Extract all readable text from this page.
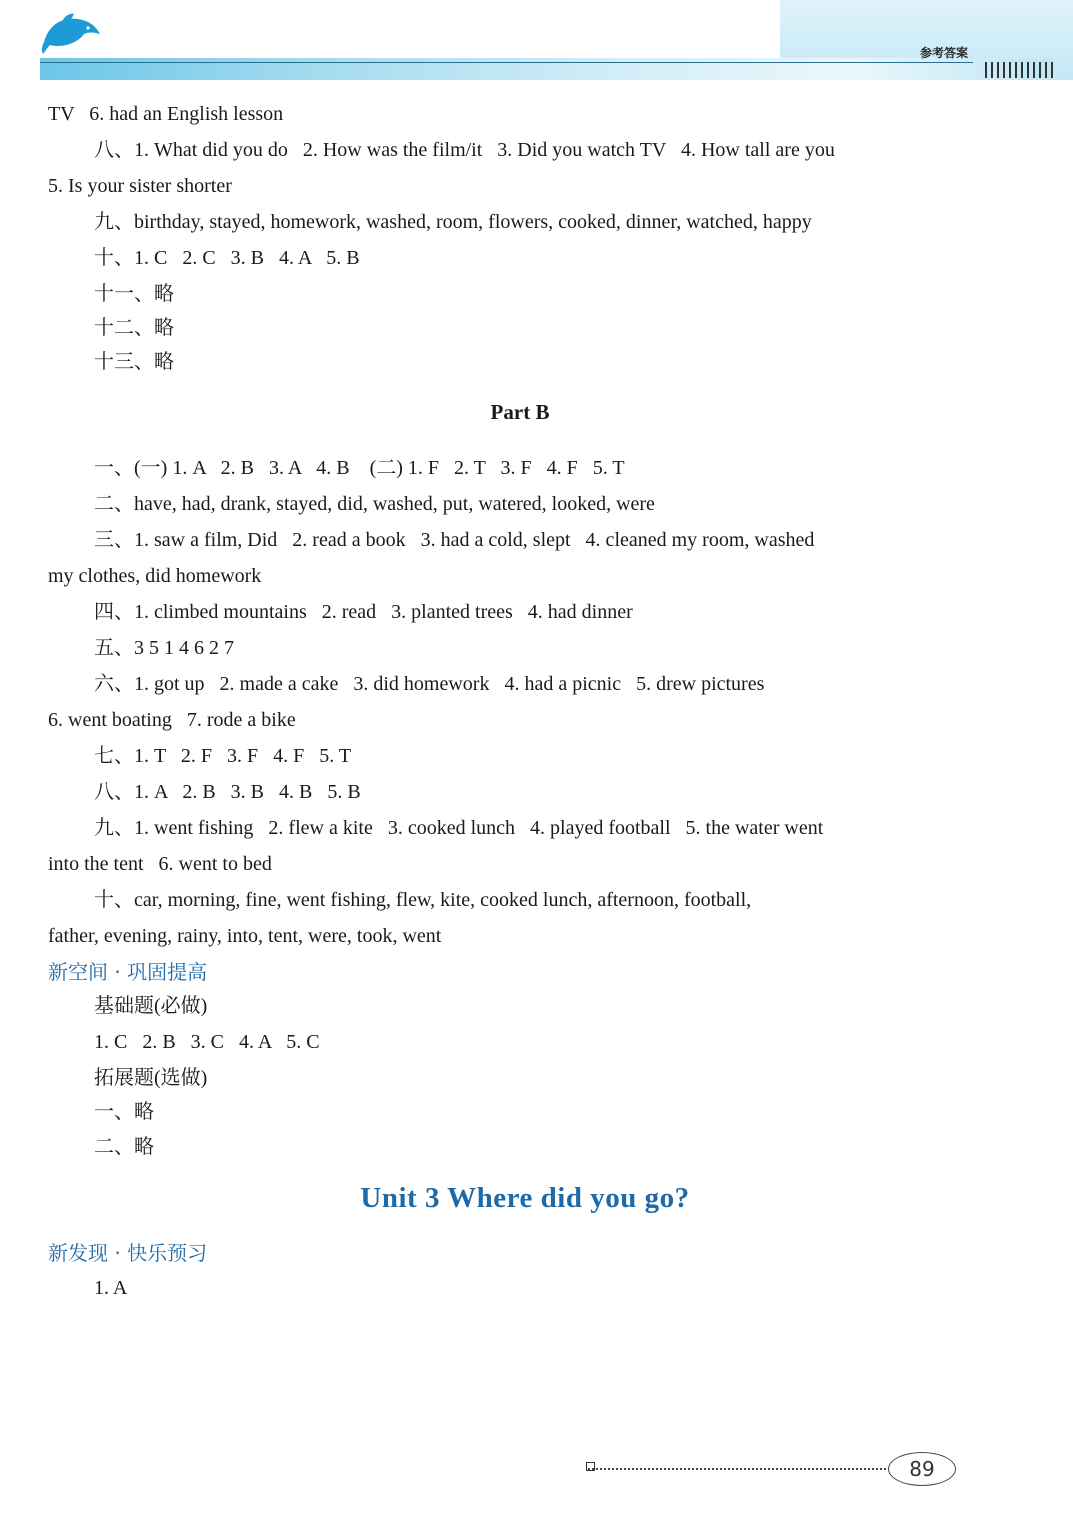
参考答案
TV   6. had an English lesson
八、1. What did you do   2. How was the film/it   3. Did you watch TV   4. How tall are you
5. Is your sister shorter
九、birthday, stayed, homework, washed, room, flowers, cooked, dinner, watched, happy
十、1. C   2. C   3. B   4. A   5. B
十一、略
十二、略
十三、略
Part B
一、(一) 1. A   2. B   3. A   4. B    (二) 1. F   2. T   3. F   4. F   5. T
二、have, had, drank, stayed, did, washed, put, watered, looked, were
三、1. saw a film, Did   2. read a book   3. had a cold, slept   4. cleaned my room, washed
my clothes, did homework
四、1. climbed mountains   2. read   3. planted trees   4. had dinner
五、3 5 1 4 6 2 7
六、1. got up   2. made a cake   3. did homework   4. had a picnic   5. drew pictures
6. went boating   7. rode a bike
七、1. T   2. F   3. F   4. F   5. T
八、1. A   2. B   3. B   4. B   5. B
九、1. went fishing   2. flew a kite   3. cooked lunch   4. played football   5. the water went
into the tent   6. went to bed
十、car, morning, fine, went fishing, flew, kite, cooked lunch, afternoon, football,
father, evening, rainy, into, tent, were, took, went
新空间 · 巩固提高
基础题(必做)
1. C   2. B   3. C   4. A   5. C
拓展题(选做)
一、略
二、略
Unit 3 Where did you go?
新发现 · 快乐预习
1. A
89
